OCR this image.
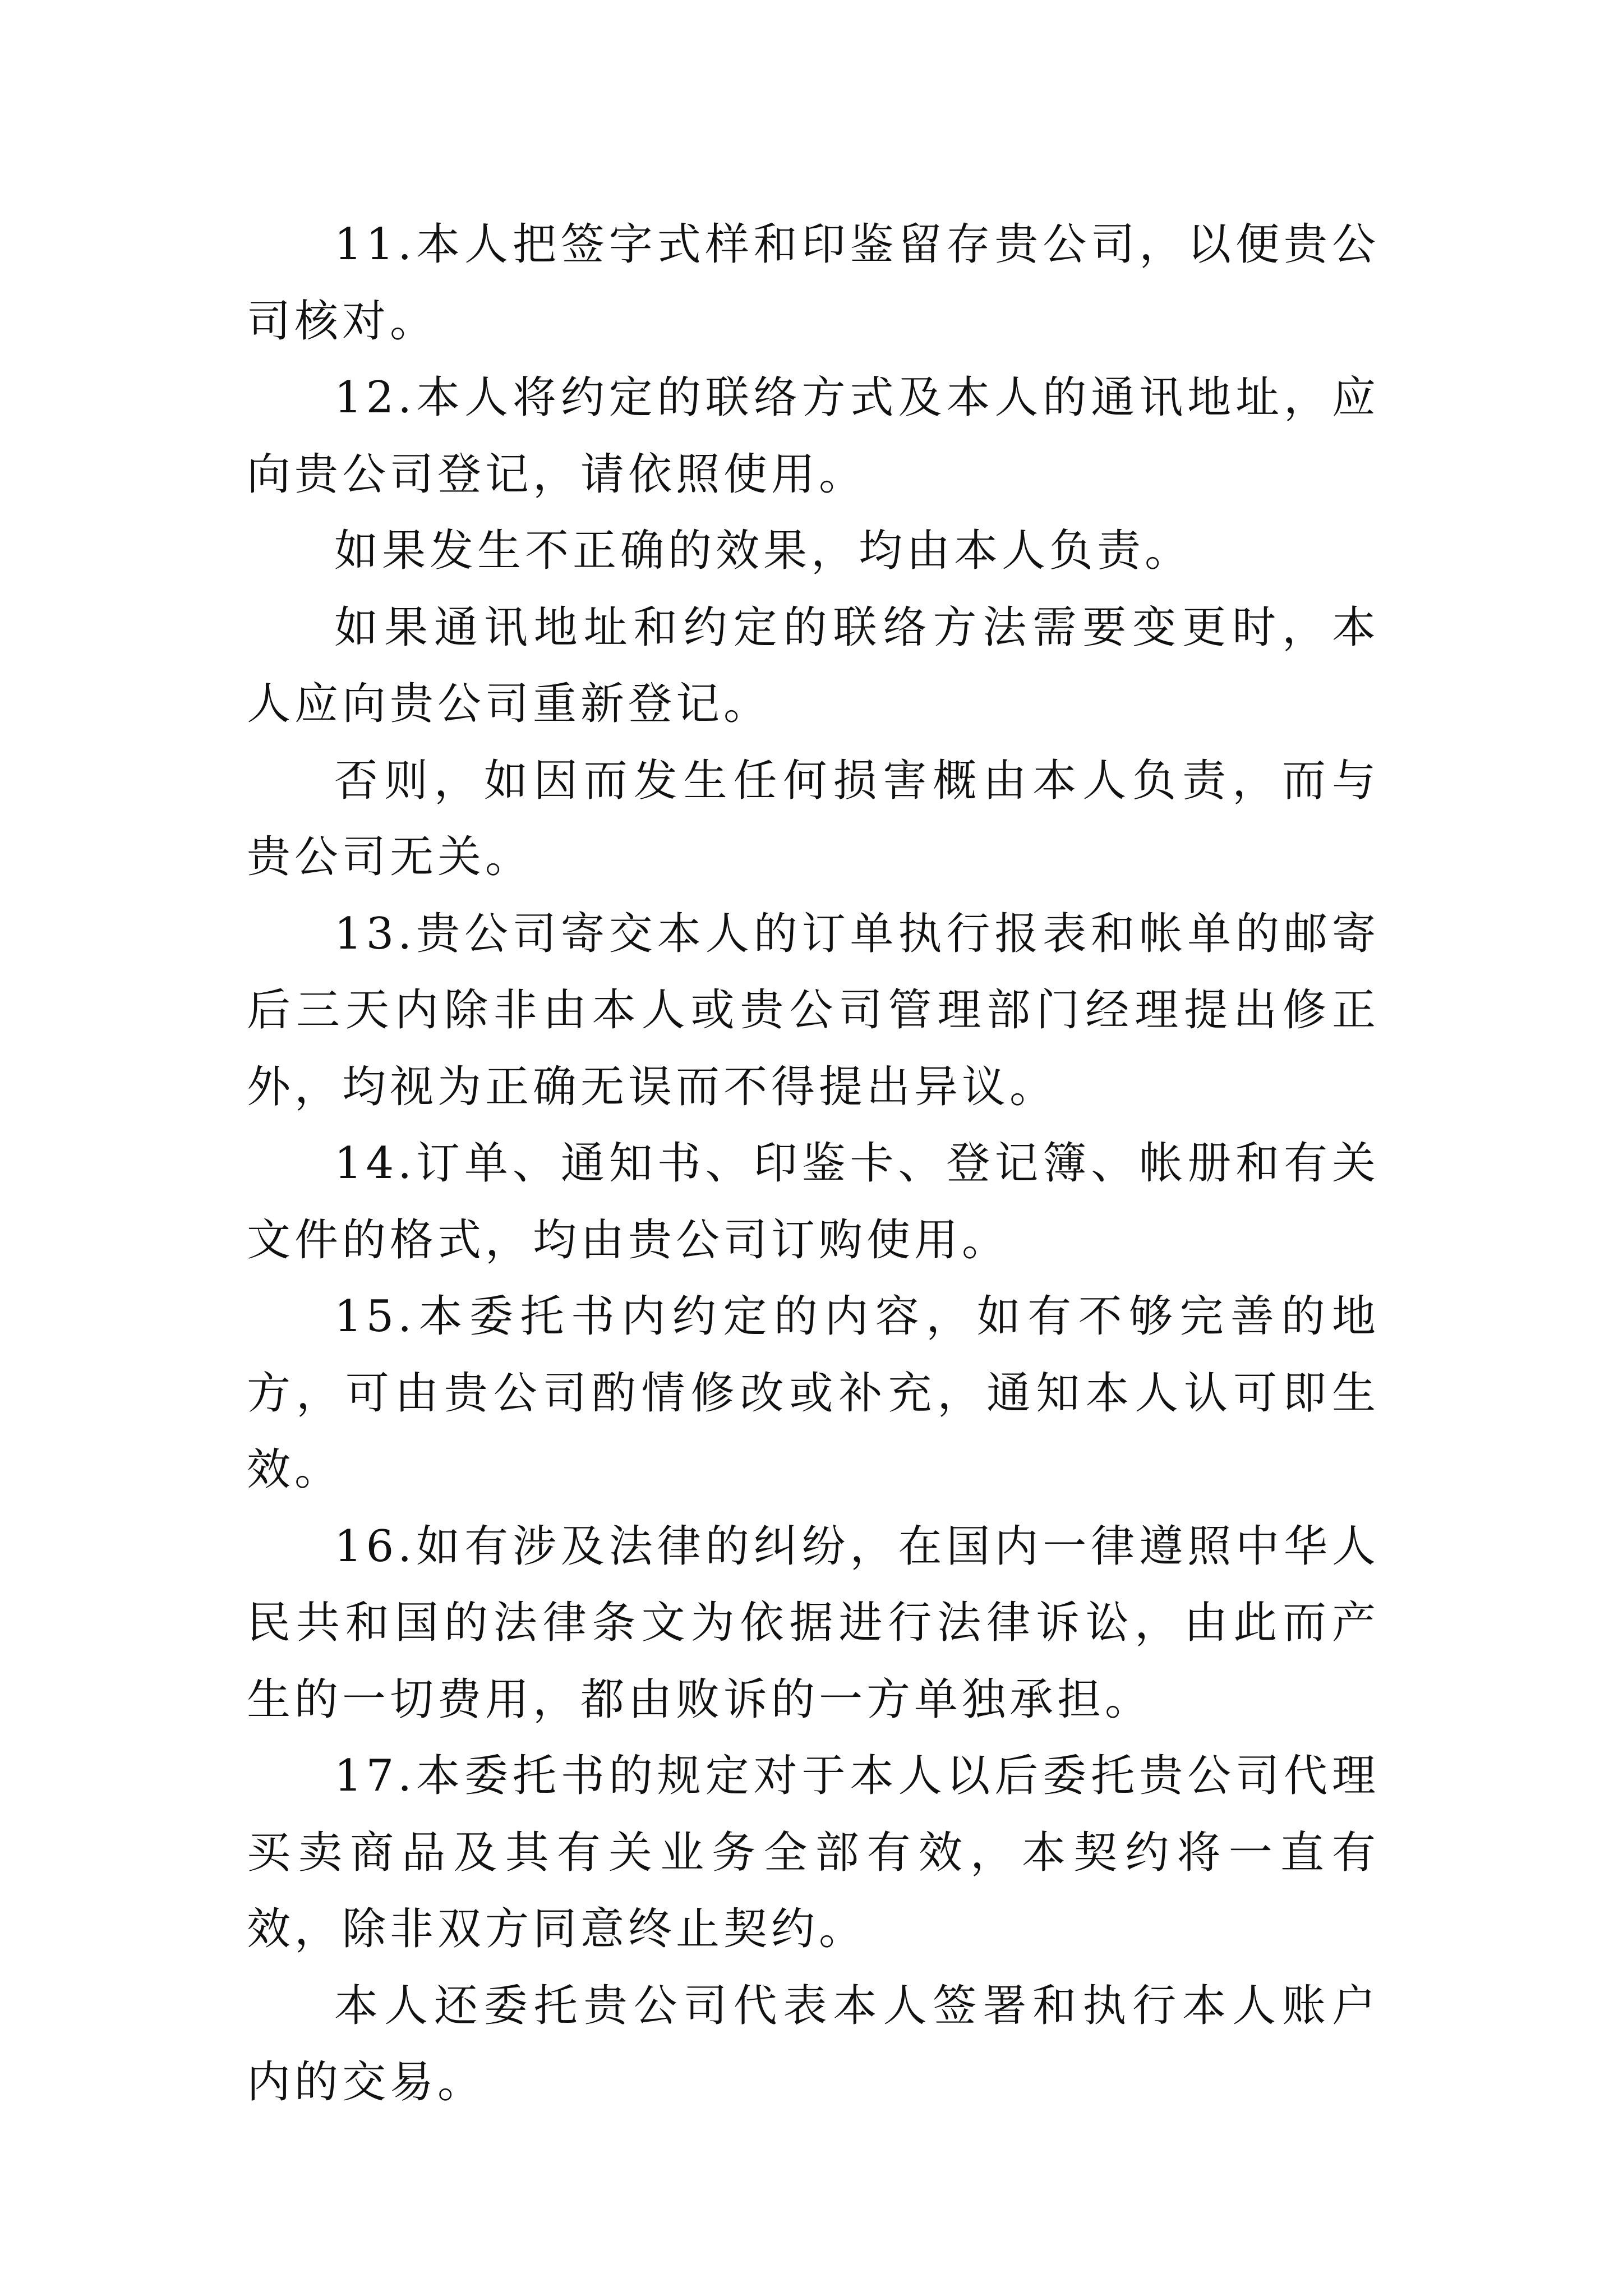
11.本人把签字式样和印鉴留存贵公司，以便贵公司核对。

12.本人将约定的联络方式及本人的通讯地址，应向贵公司登记，请依照使用。

如果发生不正确的效果，均由本人负责。

如果通讯地址和约定的联络方法需要变更时，本人应向贵公司重新登记。

否则，如因而发生任何损害概由本人负责，而与贵公司无关。

13.贵公司寄交本人的订单执行报表和帐单的邮寄后三天内除非由本人或贵公司管理部门经理提出修正外，均视为正确无误而不得提出异议。

14.订单、通知书、印鉴卡、登记簿、帐册和有关文件的格式，均由贵公司订购使用。

15.本委托书内约定的内容，如有不够完善的地方，可由贵公司酌情修改或补充，通知本人认可即生效。

16.如有涉及法律的纠纷，在国内一律遵照中华人民共和国的法律条文为依据进行法律诉讼，由此而产生的一切费用，都由败诉的一方单独承担。

17.本委托书的规定对于本人以后委托贵公司代理买卖商品及其有关业务全部有效，本契约将一直有效，除非双方同意终止契约。

本人还委托贵公司代表本人签署和执行本人账户内的交易。
